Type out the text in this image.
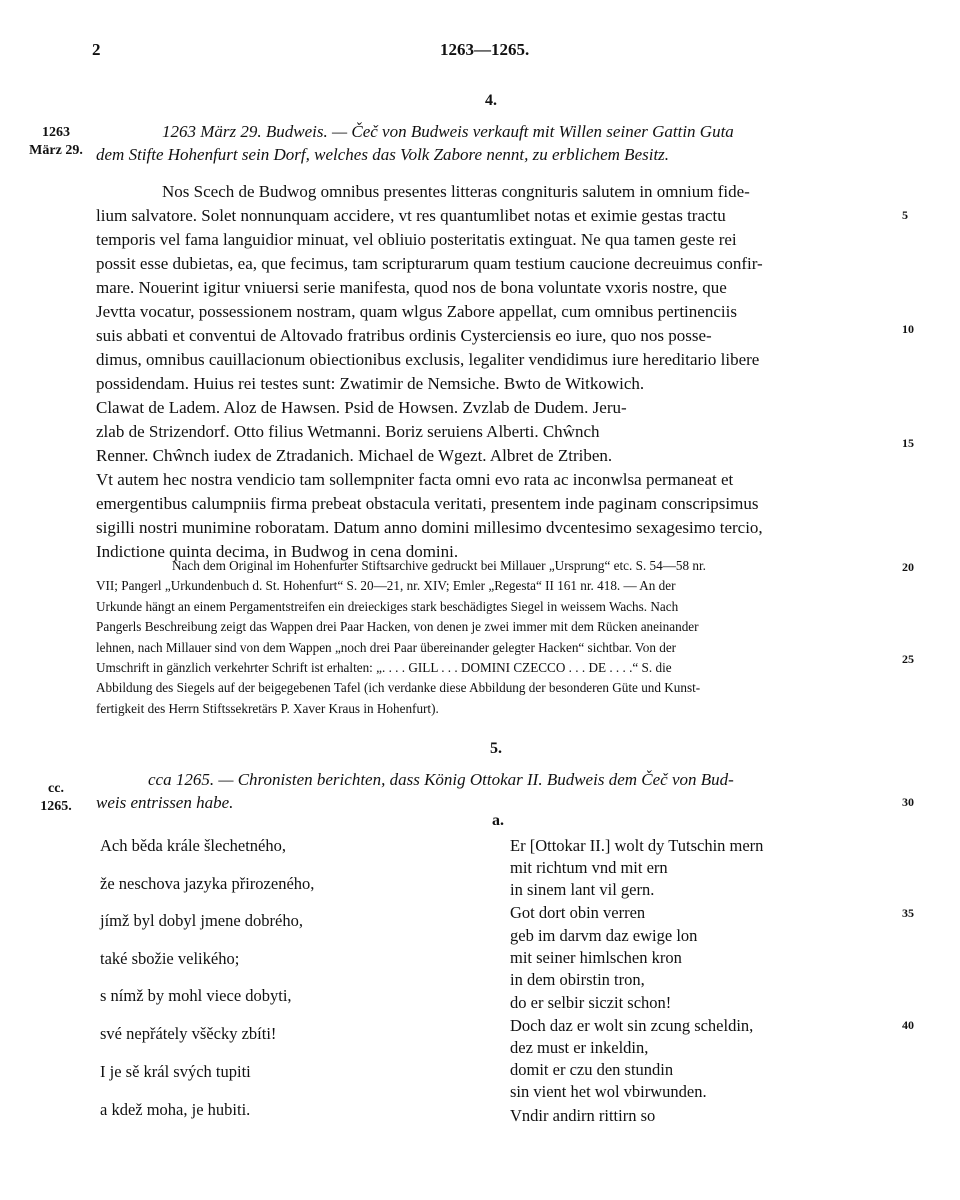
2	1263—1265.
4.
1263
März 29.
1263 März 29. Budweis. — Čeč von Budweis verkauft mit Willen seiner Gattin Guta
dem Stifte Hohenfurt sein Dorf, welches das Volk Zabore nennt, zu erblichem Besitz.
Nos Scech de Budwog omnibus presentes litteras congnituris salutem in omnium fide-
lium salvatore. Solet nonnunquam accidere, vt res quantumlibet notas et eximie gestas tractu
temporis vel fama languidior minuat, vel obliuio posteritatis extinguat. Ne qua tamen geste rei
possit esse dubietas, ea, que fecimus, tam scripturarum quam testium caucione decreuimus confir-
mare. Nouerint igitur vniuersi serie manifesta, quod nos de bona voluntate vxoris nostre, que
Jevtta vocatur, possessionem nostram, quam wlgus Zabore appellat, cum omnibus pertinenciis
suis abbati et conventui de Altovado fratribus ordinis Cysterciensis eo iure, quo nos posse-
dimus, omnibus cauillacionum obiectionibus exclusis, legaliter vendidimus iure hereditario libere
possidendam. Huius rei testes sunt: Zwatimir de Nemsiche. Bwto de Witkowich.
Clawat de Ladem. Aloz de Hawsen. Psid de Howsen. Zvzlab de Dudem. Jeru-
zlab de Strizendorf. Otto filius Wetmanni. Boriz seruiens Alberti. Chŵnch
Renner. Chŵnch iudex de Ztradanich. Michael de Wgezt. Albret de Ztriben.
Vt autem hec nostra vendicio tam sollempniter facta omni evo rata ac inconwlsa permaneat et
emergentibus calumpniis firma prebeat obstacula veritati, presentem inde paginam conscripsimus
sigilli nostri munimine roboratam. Datum anno domini millesimo dvcentesimo sexagesimo tercio,
Indictione quinta decima, in Budwog in cena domini.
5
10
15
Nach dem Original im Hohenfurter Stiftsarchive gedruckt bei Millauer „Ursprung“ etc. S. 54—58 nr.
VII; Pangerl „Urkundenbuch d. St. Hohenfurt“ S. 20—21, nr. XIV; Emler „Regesta“ II 161 nr. 418. — An der
Urkunde hängt an einem Pergamentstreifen ein dreieckiges stark beschädigtes Siegel in weissem Wachs. Nach
Pangerls Beschreibung zeigt das Wappen drei Paar Hacken, von denen je zwei immer mit dem Rücken aneinander
lehnen, nach Millauer sind von dem Wappen „noch drei Paar übereinander gelegter Hacken“ sichtbar. Von der
Umschrift in gänzlich verkehrter Schrift ist erhalten: „. . . . GILL . . . DOMINI CZECCO . . . DE . . . .“ S. die
Abbildung des Siegels auf der beigegebenen Tafel (ich verdanke diese Abbildung der besonderen Güte und Kunst-
fertigkeit des Herrn Stiftssekretärs P. Xaver Kraus in Hohenfurt).
20
25
5.
cc.
1265.
cca 1265. — Chronisten berichten, dass König Ottokar II. Budweis dem Čeč von Bud-
weis entrissen habe.
a.
30
35
40
Ach běda krále šlechetného,
že neschova jazyka přirozeného,
jímž byl dobyl jmene dobrého,
také sbožie velikého;
s nímž by mohl viece dobyti,
své nepřátely všěcky zbíti!
I je sě král svých tupiti
a kdež moha, je hubiti.
Er [Ottokar II.] wolt dy Tutschin mern
mit richtum vnd mit ern
in sinem lant vil gern.
Got dort obin verren
geb im darvm daz ewige lon
mit seiner himlschen kron
in dem obirstin tron,
do er selbir siczit schon!
Doch daz er wolt sin zcung scheldin,
dez must er inkeldin,
domit er czu den stundin
sin vient het wol vbirwunden.
Vndir andirn rittirn so
